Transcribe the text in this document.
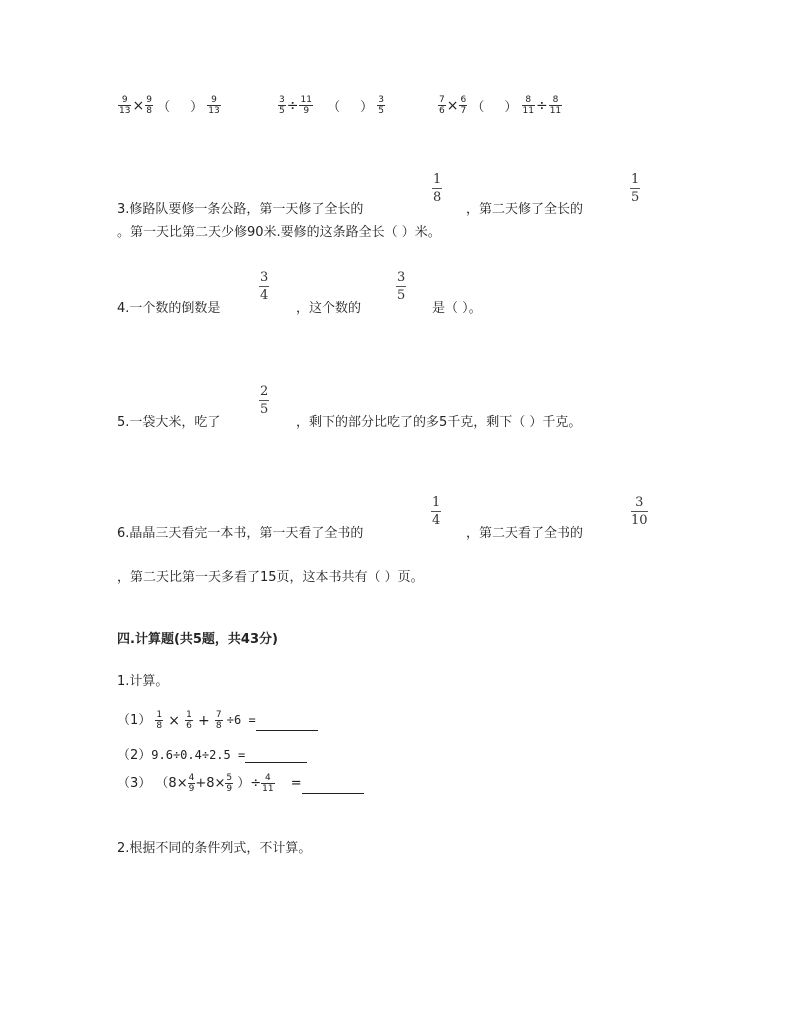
$\frac{9}{13} \times \frac{9}{8}$ （ ） $\frac{9}{13}$	$\frac{3}{5} \div \frac{11}{9}$ （ ） $\frac{3}{5}$	$\frac{7}{6} \times \frac{6}{7}$ （ ） $\frac{8}{11} \div \frac{8}{11}$
3.修路队要修一条公路，第一天修了全长的
1
8
，第二天修了全长的
1
5
。第一天比第二天少修90米.要修的这条路全长（ ）米。
4.一个数的倒数是
3
4
，这个数的
3
5
是（ ）。
5.一袋大米，吃了
2
5
，剩下的部分比吃了的多5千克，剩下（ ）千克。
6.晶晶三天看完一本书，第一天看了全书的
1
4
，第二天看了全书的
3
10
，第二天比第一天多看了15页，这本书共有（ ）页。
四.计算题(共5题，共43分)
1.计算。
$(1) \frac{1}{8} \times \frac{1}{6} + \frac{7}{8} \div 6$ =
（2）9.6÷0.4÷2.5 =
（3） （$8\times \frac{4}{9} +8\times \frac{5}{9}$ ）÷ $\frac{4}{11}$ =
2.根据不同的条件列式，不计算。
